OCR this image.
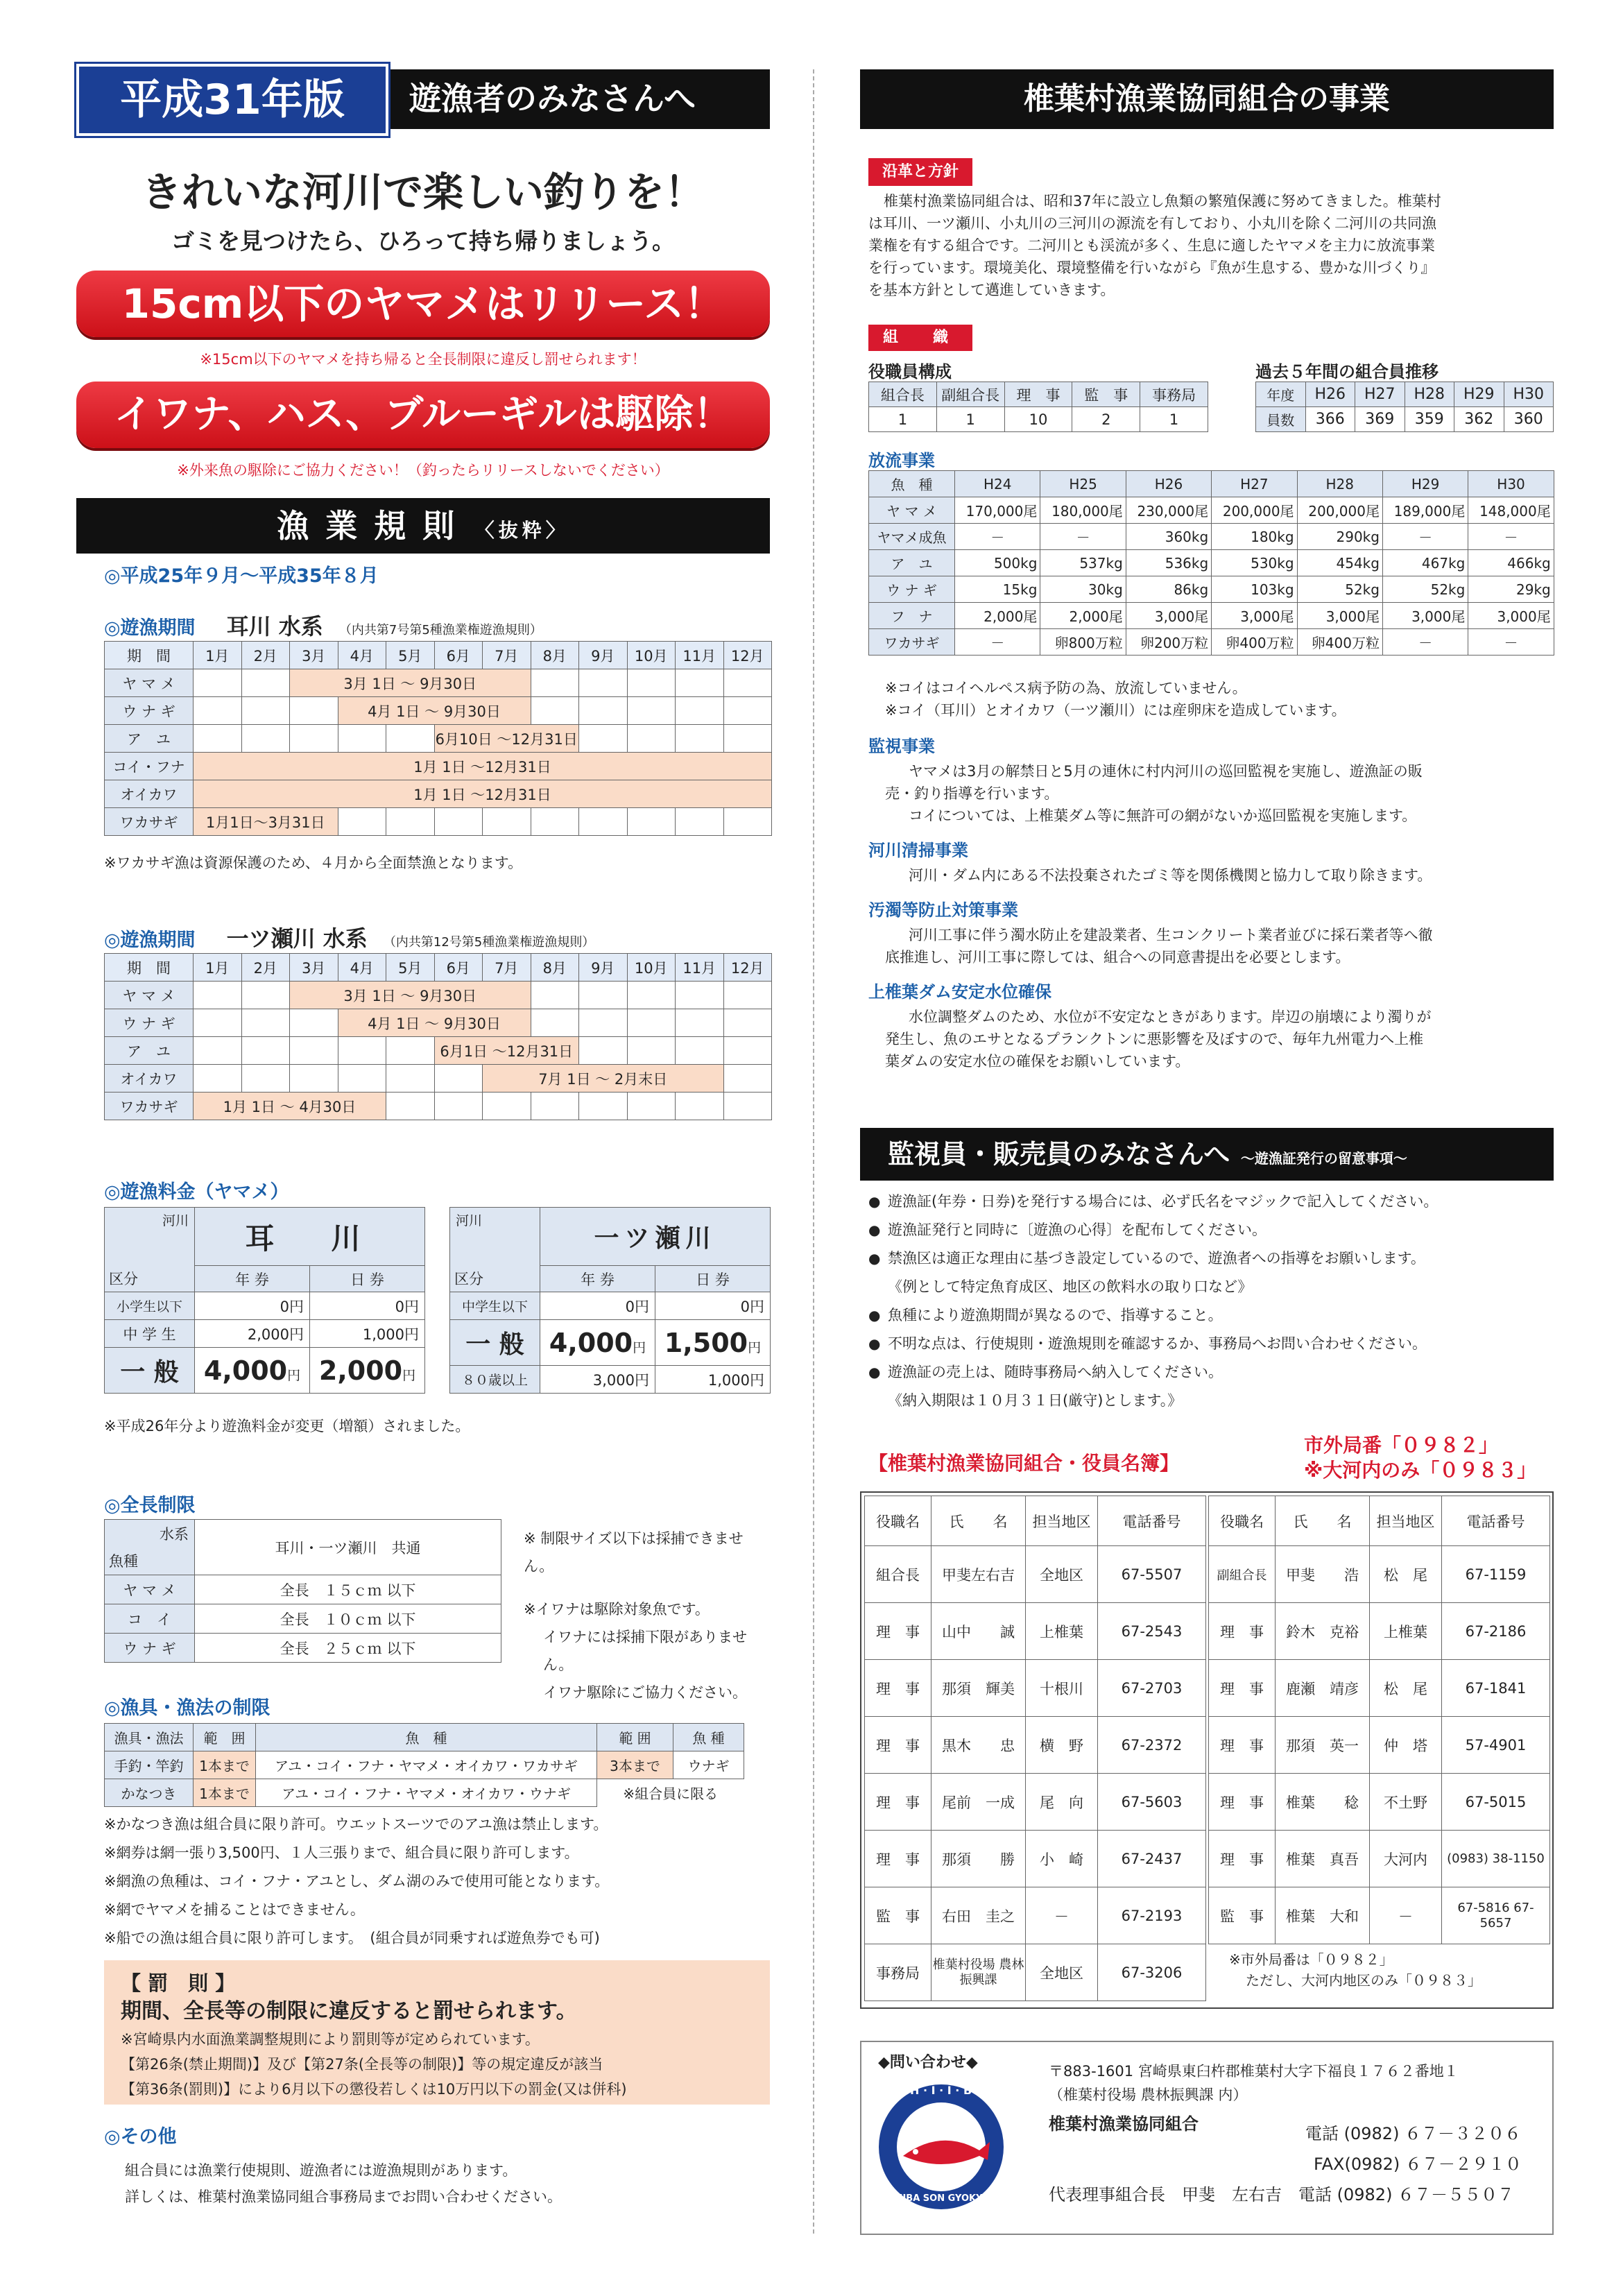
平成31年版	遊漁者のみなさんへ
きれいな河川で楽しい釣りを！
ゴミを見つけたら、ひろって持ち帰りましょう。
15cm以下のヤマメはリリース！
※15cm以下のヤマメを持ち帰ると全長制限に違反し罰せられます！
イワナ、ハス、ブルーギルは駆除！
※外来魚の駆除にご協力ください！（釣ったらリリースしないでください）
漁業規則 〈抜粋〉
◎平成25年９月〜平成35年８月
◎遊漁期間 耳川 水系 （内共第7号第5種漁業権遊漁規則）
期　間	1月	2月	3月	4月	5月	6月	7月	8月	9月	10月	11月	12月
ヤ マ メ			3月 1日 〜 9月30日									
ウ ナ ギ				4月 1日 〜 9月30日								
ア　ユ						6月10日 〜12月31日						
コイ・フナ	1月 1日 〜12月31日											
オイカワ	1月 1日 〜12月31日											
ワカサギ	1月1日〜3月31日											
※ワカサギ漁は資源保護のため、４月から全面禁漁となります。
◎遊漁期間 一ツ瀬川 水系 （内共第12号第5種漁業権遊漁規則）
期　間	1月	2月	3月	4月	5月	6月	7月	8月	9月	10月	11月	12月
ヤ マ メ			3月 1日 〜 9月30日									
ウ ナ ギ				4月 1日 〜 9月30日								
ア　ユ						6月1日 〜12月31日						
オイカワ							7月 1日 〜 2月末日					
ワカサギ	1月 1日 〜 4月30日											
◎遊漁料金（ヤマメ）
河川	耳　川	
区分	年 券	日 券
小学生以下	0円	0円
中 学 生	2,000円	1,000円
一 般	4,000円	2,000円
河川	一ツ瀬川	
区分	年 券	日 券
中学生以下	0円	0円
一 般	4,000円	1,500円
８０歳以上	3,000円	1,000円
※平成26年分より遊漁料金が変更（増額）されました。
◎全長制限
水系	耳川・一ツ瀬川　共通
魚種	
ヤ マ メ	全長　１５ｃｍ 以下
コ　イ	全長　１０ｃｍ 以下
ウ ナ ギ	全長　２５ｃｍ 以下
※ 制限サイズ以下は採捕できません。
※イワナは駆除対象魚です。
イワナには採捕下限がありません。
イワナ駆除にご協力ください。
◎漁具・漁法の制限
漁具・漁法	範　囲	魚　種	範 囲	魚 種
手釣・竿釣	1本まで	アユ・コイ・フナ・ヤマメ・オイカワ・ワカサギ	3本まで	ウナギ
かなつき	1本まで	アユ・コイ・フナ・ヤマメ・オイカワ・ウナギ	※組合員に限る	
※かなつき漁は組合員に限り許可。ウエットスーツでのアユ漁は禁止します。
※網券は網一張り3,500円、１人三張りまで、組合員に限り許可します。
※網漁の魚種は、コイ・フナ・アユとし、ダム湖のみで使用可能となります。
※網でヤマメを捕ることはできません。
※船での漁は組合員に限り許可します。　(組合員が同乗すれば遊魚券でも可)
【 罰　則 】
期間、全長等の制限に違反すると罰せられます。
※宮崎県内水面漁業調整規則により罰則等が定められています。
【第26条(禁止期間)】及び【第27条(全長等の制限)】等の規定違反が該当
【第36条(罰則)】により6月以下の懲役若しくは10万円以下の罰金(又は併科)
◎その他
組合員には漁業行使規則、遊漁者には遊漁規則があります。
詳しくは、椎葉村漁業協同組合事務局までお問い合わせください。
椎葉村漁業協同組合の事業
沿革と方針
椎葉村漁業協同組合は、昭和37年に設立し魚類の繁殖保護に努めてきました。椎葉村
は耳川、一ツ瀬川、小丸川の三河川の源流を有しており、小丸川を除く二河川の共同漁
業権を有する組合です。二河川とも渓流が多く、生息に適したヤマメを主力に放流事業
を行っています。環境美化、環境整備を行いながら『魚が生息する、豊かな川づくり』
を基本方針として邁進していきます。
組　織
役職員構成
組合長	副組合長	理　事	監　事	事務局
1	1	10	2	1
過去５年間の組合員推移
年度	H26	H27	H28	H29	H30
員数	366	369	359	362	360
放流事業
魚　種	H24	H25	H26	H27	H28	H29	H30
ヤ マ メ	170,000尾	180,000尾	230,000尾	200,000尾	200,000尾	189,000尾	148,000尾
ヤマメ成魚	－	－	360kg	180kg	290kg	－	－
ア　ユ	500kg	537kg	536kg	530kg	454kg	467kg	466kg
ウ ナ ギ	15kg	30kg	86kg	103kg	52kg	52kg	29kg
フ　ナ	2,000尾	2,000尾	3,000尾	3,000尾	3,000尾	3,000尾	3,000尾
ワカサギ	－	卵800万粒	卵200万粒	卵400万粒	卵400万粒	－	－
※コイはコイヘルペス病予防の為、放流していません。
※コイ（耳川）とオイカワ（一ツ瀬川）には産卵床を造成しています。
監視事業
ヤマメは3月の解禁日と5月の連休に村内河川の巡回監視を実施し、遊漁証の販
売・釣り指導を行います。
コイについては、上椎葉ダム等に無許可の網がないか巡回監視を実施します。
河川清掃事業
河川・ダム内にある不法投棄されたゴミ等を関係機関と協力して取り除きます。
汚濁等防止対策事業
河川工事に伴う濁水防止を建設業者、生コンクリート業者並びに採石業者等へ徹
底推進し、河川工事に際しては、組合への同意書提出を必要とします。
上椎葉ダム安定水位確保
水位調整ダムのため、水位が不安定なときがあります。岸辺の崩壊により濁りが
発生し、魚のエサとなるプランクトンに悪影響を及ぼすので、毎年九州電力へ上椎
葉ダムの安定水位の確保をお願いしています。
監視員・販売員のみなさんへ 〜遊漁証発行の留意事項〜
● 遊漁証(年券・日券)を発行する場合には、必ず氏名をマジックで記入してください。
● 遊漁証発行と同時に〔遊漁の心得〕を配布してください。
● 禁漁区は適正な理由に基づき設定しているので、遊漁者への指導をお願いします。
《例として特定魚育成区、地区の飲料水の取り口など》
● 魚種により遊漁期間が異なるので、指導すること。
● 不明な点は、行使規則・遊漁規則を確認するか、事務局へお問い合わせください。
● 遊漁証の売上は、随時事務局へ納入してください。
《納入期限は１０月３１日(厳守)とします。》
【椎葉村漁業協同組合・役員名簿】
市外局番「０９８２」
※大河内のみ「０９８３」
役職名	氏　　名	担当地区	電話番号
組合長	甲斐左右吉	全地区	67-5507
理　事	山中　　誠	上椎葉	67-2543
理　事	那須　輝美	十根川	67-2703
理　事	黒木　　忠	横　野	67-2372
理　事	尾前　一成	尾　向	67-5603
理　事	那須　　勝	小　崎	67-2437
監　事	右田　圭之	－	67-2193
事務局	椎葉村役場 農林振興課	全地区	67-3206
役職名	氏　　名	担当地区	電話番号
副組合長	甲斐　　浩	松　尾	67-1159
理　事	鈴木　克裕	上椎葉	67-2186
理　事	鹿瀬　靖彦	松　尾	67-1841
理　事	那須　英一	仲　塔	57-4901
理　事	椎葉　　稔	不土野	67-5015
理　事	椎葉　真吾	大河内	(0983) 38-1150
監　事	椎葉　大和	－	67-5816 67-5657
※市外局番は「０９８２」
ただし、大河内地区のみ「０９８３」
◆問い合わせ◆
S · H · I · I · B · A
SHIIBA SON GYOKYOU
〒883-1601 宮崎県東臼杵郡椎葉村大字下福良１７６２番地１
（椎葉村役場 農林振興課 内）
椎葉村漁業協同組合	電話 (0982) ６７－３２０６
FAX(0982) ６７－２９１０
代表理事組合長　甲斐　左右吉　電話 (0982) ６７－５５０７
